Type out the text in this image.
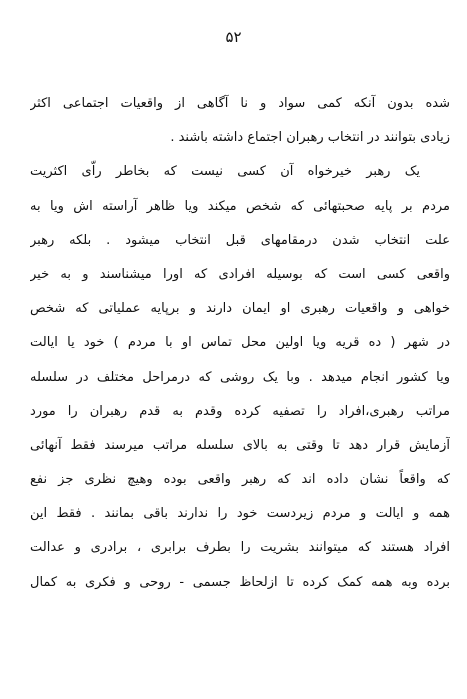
۵۲
شده بدون آنکه کمی سواد و نا آگاهی از واقعیات اجتماعی اکثر
زیادی بتوانند در انتخاب رهبران اجتماع داشته باشند .
یک رهبر خیرخواه آن کسی نیست که بخاطر راّی اکثریت
مردم بر پایه صحبتهائی که شخص میکند ویا ظاهر آراسته اش ویا به
علت انتخاب شدن درمقامهای قبل انتخاب میشود . بلکه رهبر
واقعی کسی است که بوسیله افرادی که اورا میشناسند و به خیر
خواهی و واقعیات رهبری او ایمان دارند و برپایه عملیاتی که شخص
در شهر ( ده قریه ویا اولین محل تماس او با مردم ) خود یا ایالت
ویا کشور انجام میدهد . وبا یک روشی که درمراحل مختلف در سلسله
مراتب رهبری،افراد را تصفیه کرده وقدم به قدم رهبران را مورد
آزمایش قرار دهد تا وقتی به بالای سلسله مراتب میرسند فقط آنهائی
که واقعاً نشان داده اند که رهبر واقعی بوده وهیچ نظری جز نفع
همه و ایالت و مردم زیردست خود را ندارند باقی بمانند . فقط این
افراد هستند که میتوانند بشریت را بطرف برابری ، برادری و عدالت
برده وبه همه کمک کرده تا ازلحاظ جسمی - روحی و فکری به کمال
